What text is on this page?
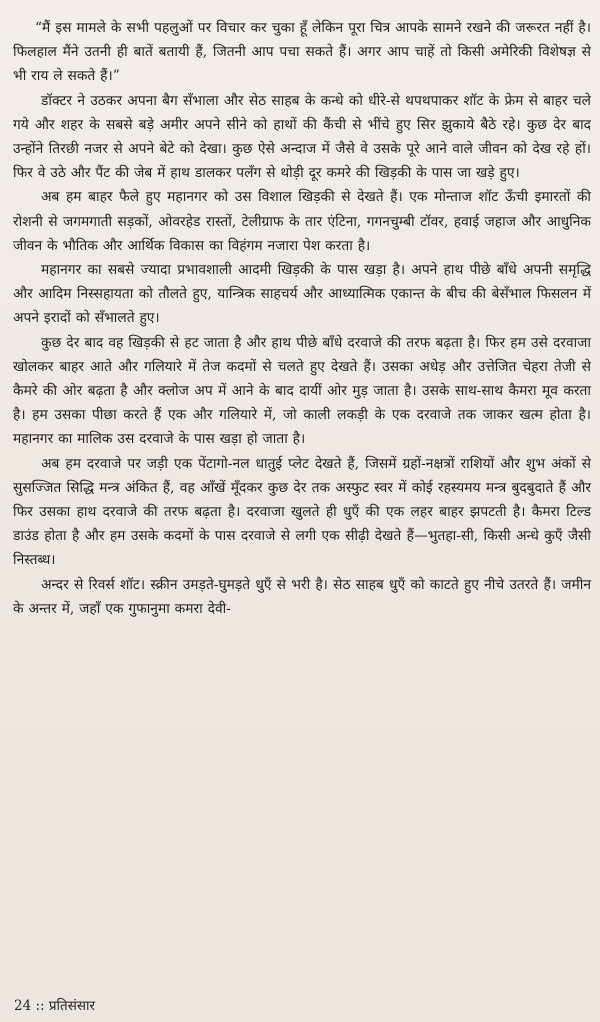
“मैं इस मामले के सभी पहलुओं पर विचार कर चुका हूँ लेकिन पूरा चित्र आपके सामने रखने की जरूरत नहीं है। फिलहाल मैंने उतनी ही बातें बतायी हैं, जितनी आप पचा सकते हैं। अगर आप चाहें तो किसी अमेरिकी विशेषज्ञ से भी राय ले सकते हैं।”

डॉक्टर ने उठकर अपना बैग सँभाला और सेठ साहब के कन्धे को धीरे-से थपथपाकर शॉट के फ्रेम से बाहर चले गये और शहर के सबसे बड़े अमीर अपने सीने को हाथों की कैंची से भींचे हुए सिर झुकाये बैठे रहे। कुछ देर बाद उन्होंने तिरछी नजर से अपने बेटे को देखा। कुछ ऐसे अन्दाज में जैसे वे उसके पूरे आने वाले जीवन को देख रहे हों। फिर वे उठे और पैंट की जेब में हाथ डालकर पलँग से थोड़ी दूर कमरे की खिड़की के पास जा खड़े हुए।

अब हम बाहर फैले हुए महानगर को उस विशाल खिड़की से देखते हैं। एक मोन्ताज शॉट ऊँची इमारतों की रोशनी से जगमगाती सड़कों, ओवरहेड रास्तों, टेलीग्राफ के तार एंटिना, गगनचुम्बी टॉवर, हवाई जहाज और आधुनिक जीवन के भौतिक और आर्थिक विकास का विहंगम नजारा पेश करता है।

महानगर का सबसे ज्यादा प्रभावशाली आदमी खिड़की के पास खड़ा है। अपने हाथ पीछे बाँधे अपनी समृद्धि और आदिम निस्सहायता को तौलते हुए, यान्त्रिक साहचर्य और आध्यात्मिक एकान्त के बीच की बेसँभाल फिसलन में अपने इरादों को सँभालते हुए।

कुछ देर बाद वह खिड़की से हट जाता है और हाथ पीछे बाँधे दरवाजे की तरफ बढ़ता है। फिर हम उसे दरवाजा खोलकर बाहर आते और गलियारे में तेज कदमों से चलते हुए देखते हैं। उसका अधेड़ और उत्तेजित चेहरा तेजी से कैमरे की ओर बढ़ता है और क्लोज अप में आने के बाद दायीं ओर मुड़ जाता है। उसके साथ-साथ कैमरा मूव करता है। हम उसका पीछा करते हैं एक और गलियारे में, जो काली लकड़ी के एक दरवाजे तक जाकर खत्म होता है। महानगर का मालिक उस दरवाजे के पास खड़ा हो जाता है।

अब हम दरवाजे पर जड़ी एक पेंटागो-नल धातुई प्लेट देखते हैं, जिसमें ग्रहों-नक्षत्रों राशियों और शुभ अंकों से सुसज्जित सिद्धि मन्त्र अंकित हैं, वह आँखें मूँदकर कुछ देर तक अस्फुट स्वर में कोई रहस्यमय मन्त्र बुदबुदाते हैं और फिर उसका हाथ दरवाजे की तरफ बढ़ता है। दरवाजा खुलते ही धुएँ की एक लहर बाहर झपटती है। कैमरा टिल्ड डाउंड होता है और हम उसके कदमों के पास दरवाजे से लगी एक सीढ़ी देखते हैं—भुतहा-सी, किसी अन्धे कुएँ जैसी निस्तब्ध।

अन्दर से रिवर्स शॉट। स्क्रीन उमड़ते-घुमड़ते धुएँ से भरी है। सेठ साहब धुएँ को काटते हुए नीचे उतरते हैं। जमीन के अन्तर में, जहाँ एक गुफानुमा कमरा देवी-

24 :: प्रतिसंसार
